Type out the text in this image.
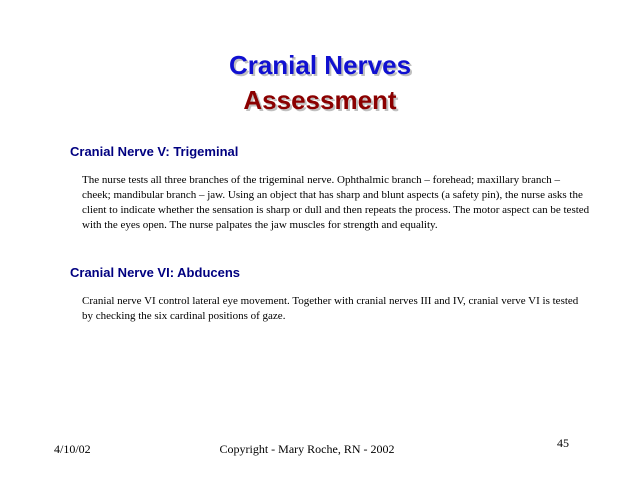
Cranial Nerves
Assessment
Cranial Nerve V: Trigeminal

The nurse tests all three branches of the trigeminal nerve. Ophthalmic branch – forehead; maxillary branch – cheek; mandibular branch – jaw. Using an object that has sharp and blunt aspects (a safety pin), the nurse asks the client to indicate whether the sensation is sharp or dull and then repeats the process. The motor aspect can be tested with the eyes open. The nurse palpates the jaw muscles for strength and equality.

Cranial Nerve VI: Abducens

Cranial nerve VI control lateral eye movement. Together with cranial nerves III and IV, cranial verve VI is tested by checking the six cardinal positions of gaze.

4/10/02	Copyright - Mary Roche, RN - 2002	45
